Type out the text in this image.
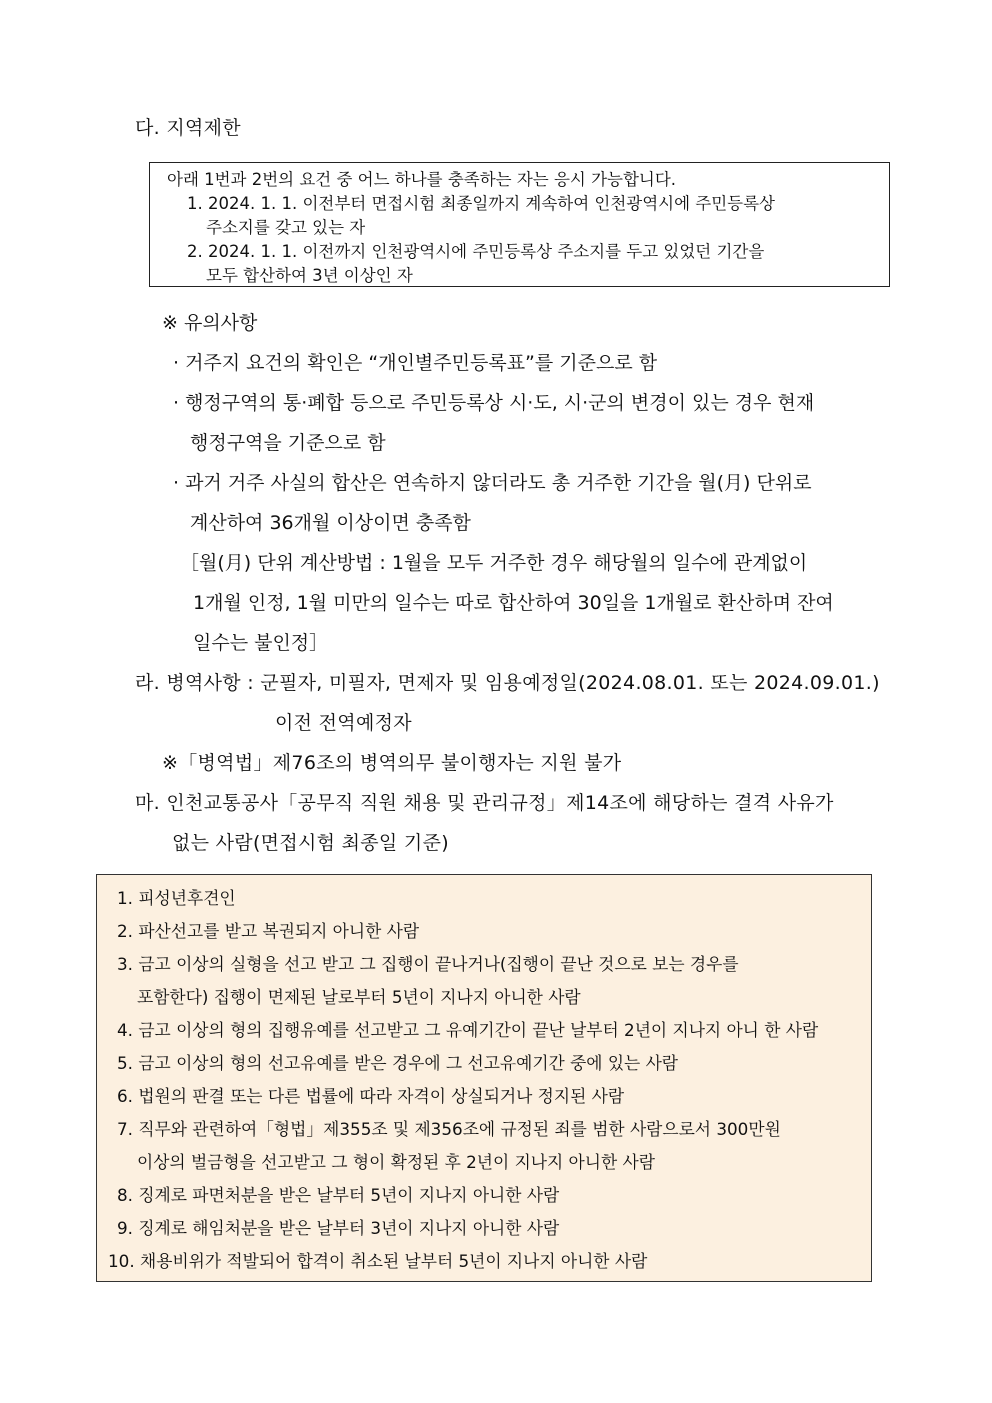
다. 지역제한
아래 1번과 2번의 요건 중 어느 하나를 충족하는 자는 응시 가능합니다.
1. 2024. 1. 1. 이전부터 면접시험 최종일까지 계속하여 인천광역시에 주민등록상
주소지를 갖고 있는 자
2. 2024. 1. 1. 이전까지 인천광역시에 주민등록상 주소지를 두고 있었던 기간을
모두 합산하여 3년 이상인 자
※ 유의사항
· 거주지 요건의 확인은 “개인별주민등록표”를 기준으로 함
· 행정구역의 통·폐합 등으로 주민등록상 시·도, 시·군의 변경이 있는 경우 현재
행정구역을 기준으로 함
· 과거 거주 사실의 합산은 연속하지 않더라도 총 거주한 기간을 월(月) 단위로
계산하여 36개월 이상이면 충족함
［월(月) 단위 계산방법 : 1월을 모두 거주한 경우 해당월의 일수에 관계없이
1개월 인정, 1월 미만의 일수는 따로 합산하여 30일을 1개월로 환산하며 잔여
일수는 불인정］
라. 병역사항 : 군필자, 미필자, 면제자 및 임용예정일(2024.08.01. 또는 2024.09.01.)
이전 전역예정자
※「병역법」제76조의 병역의무 불이행자는 지원 불가
마. 인천교통공사「공무직 직원 채용 및 관리규정」제14조에 해당하는 결격 사유가
없는 사람(면접시험 최종일 기준)
1. 피성년후견인
2. 파산선고를 받고 복권되지 아니한 사람
3. 금고 이상의 실형을 선고 받고 그 집행이 끝나거나(집행이 끝난 것으로 보는 경우를
포함한다) 집행이 면제된 날로부터 5년이 지나지 아니한 사람
4. 금고 이상의 형의 집행유예를 선고받고 그 유예기간이 끝난 날부터 2년이 지나지 아니 한 사람
5. 금고 이상의 형의 선고유예를 받은 경우에 그 선고유예기간 중에 있는 사람
6. 법원의 판결 또는 다른 법률에 따라 자격이 상실되거나 정지된 사람
7. 직무와 관련하여「형법」제355조 및 제356조에 규정된 죄를 범한 사람으로서 300만원
이상의 벌금형을 선고받고 그 형이 확정된 후 2년이 지나지 아니한 사람
8. 징계로 파면처분을 받은 날부터 5년이 지나지 아니한 사람
9. 징계로 해임처분을 받은 날부터 3년이 지나지 아니한 사람
10. 채용비위가 적발되어 합격이 취소된 날부터 5년이 지나지 아니한 사람
